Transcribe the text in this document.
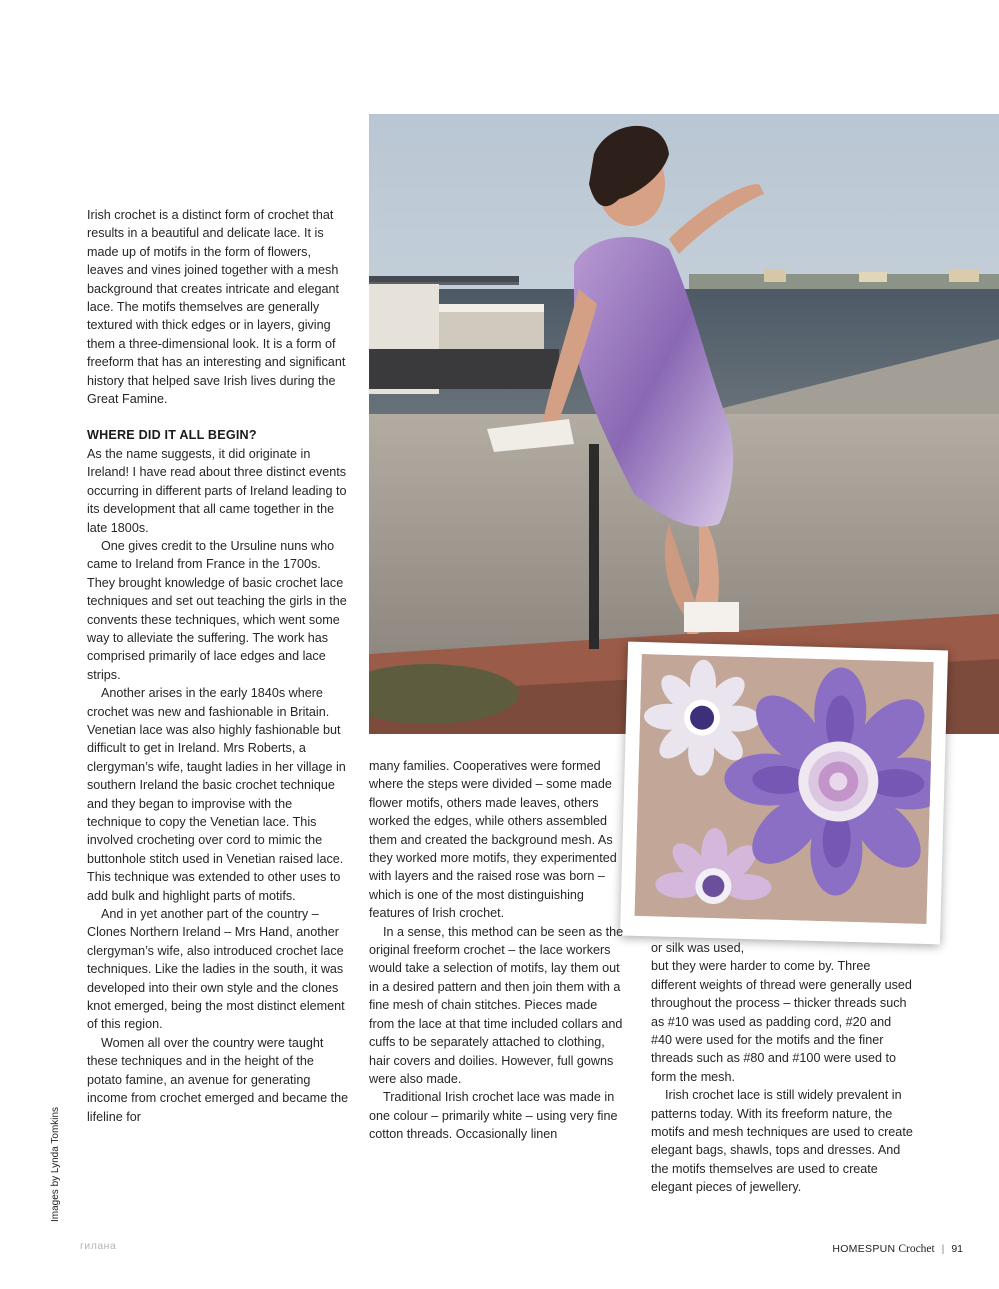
Irish crochet is a distinct form of crochet that results in a beautiful and delicate lace. It is made up of motifs in the form of flowers, leaves and vines joined together with a mesh background that creates intricate and elegant lace. The motifs themselves are generally textured with thick edges or in layers, giving them a three-dimensional look. It is a form of freeform that has an interesting and significant history that helped save Irish lives during the Great Famine.

WHERE DID IT ALL BEGIN?

As the name suggests, it did originate in Ireland! I have read about three distinct events occurring in different parts of Ireland leading to its development that all came together in the late 1800s.

One gives credit to the Ursuline nuns who came to Ireland from France in the 1700s. They brought knowledge of basic crochet lace techniques and set out teaching the girls in the convents these techniques, which went some way to alleviate the suffering. The work has comprised primarily of lace edges and lace strips.

Another arises in the early 1840s where crochet was new and fashionable in Britain. Venetian lace was also highly fashionable but difficult to get in Ireland. Mrs Roberts, a clergyman’s wife, taught ladies in her village in southern Ireland the basic crochet technique and they began to improvise with the technique to copy the Venetian lace. This involved crocheting over cord to mimic the buttonhole stitch used in Venetian raised lace. This technique was extended to other uses to add bulk and highlight parts of motifs.

And in yet another part of the country – Clones Northern Ireland – Mrs Hand, another clergyman’s wife, also introduced crochet lace techniques. Like the ladies in the south, it was developed into their own style and the clones knot emerged, being the most distinct element of this region.

Women all over the country were taught these techniques and in the height of the potato famine, an avenue for generating income from crochet emerged and became the lifeline for

many families. Cooperatives were formed where the steps were divided – some made flower motifs, others made leaves, others worked the edges, while others assembled them and created the background mesh. As they worked more motifs, they experimented with layers and the raised rose was born – which is one of the most distinguishing features of Irish crochet.

In a sense, this method can be seen as the original freeform crochet – the lace workers would take a selection of motifs, lay them out in a desired pattern and then join them with a fine mesh of chain stitches. Pieces made from the lace at that time included collars and cuffs to be separately attached to clothing, hair covers and doilies. However, full gowns were also made.

Traditional Irish crochet lace was made in one colour – primarily white – using very fine cotton threads. Occasionally linen

or silk was used,

but they were harder to come by. Three different weights of thread were generally used throughout the process – thicker threads such as #10 was used as padding cord, #20 and #40 were used for the motifs and the finer threads such as #80 and #100 were used to form the mesh.

Irish crochet lace is still widely prevalent in patterns today. With its freeform nature, the motifs and mesh techniques are used to create elegant bags, shawls, tops and dresses. And the motifs themselves are used to create elegant pieces of jewellery.

Images by Lynda Tomkins
гилана	HOMESPUN Crochet | 91
